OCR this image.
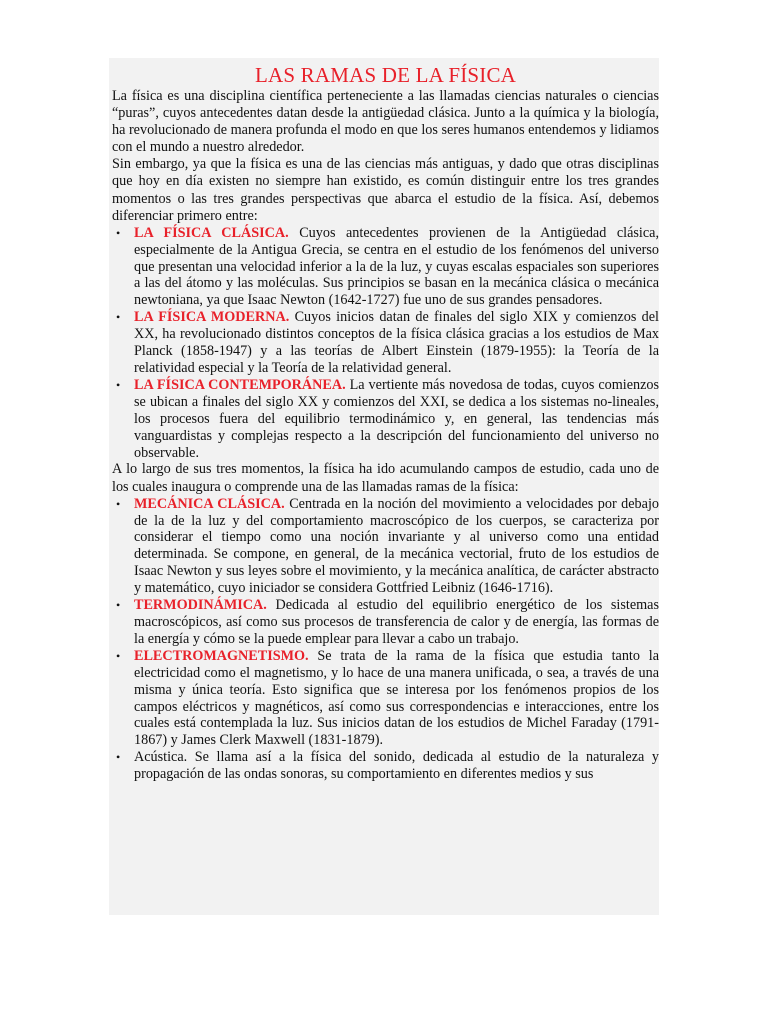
LAS RAMAS DE LA FÍSICA

La física es una disciplina científica perteneciente a las llamadas ciencias naturales o ciencias “puras”, cuyos antecedentes datan desde la antigüedad clásica. Junto a la química y la biología, ha revolucionado de manera profunda el modo en que los seres humanos entendemos y lidiamos con el mundo a nuestro alrededor.

Sin embargo, ya que la física es una de las ciencias más antiguas, y dado que otras disciplinas que hoy en día existen no siempre han existido, es común distinguir entre los tres grandes momentos o las tres grandes perspectivas que abarca el estudio de la física. Así, debemos diferenciar primero entre:

• LA FÍSICA CLÁSICA. Cuyos antecedentes provienen de la Antigüedad clásica, especialmente de la Antigua Grecia, se centra en el estudio de los fenómenos del universo que presentan una velocidad inferior a la de la luz, y cuyas escalas espaciales son superiores a las del átomo y las moléculas. Sus principios se basan en la mecánica clásica o mecánica newtoniana, ya que Isaac Newton (1642-1727) fue uno de sus grandes pensadores.
• LA FÍSICA MODERNA. Cuyos inicios datan de finales del siglo XIX y comienzos del XX, ha revolucionado distintos conceptos de la física clásica gracias a los estudios de Max Planck (1858-1947) y a las teorías de Albert Einstein (1879-1955): la Teoría de la relatividad especial y la Teoría de la relatividad general.
• LA FÍSICA CONTEMPORÁNEA. La vertiente más novedosa de todas, cuyos comienzos se ubican a finales del siglo XX y comienzos del XXI, se dedica a los sistemas no-lineales, los procesos fuera del equilibrio termodinámico y, en general, las tendencias más vanguardistas y complejas respecto a la descripción del funcionamiento del universo no observable.

A lo largo de sus tres momentos, la física ha ido acumulando campos de estudio, cada uno de los cuales inaugura o comprende una de las llamadas ramas de la física:

• MECÁNICA CLÁSICA. Centrada en la noción del movimiento a velocidades por debajo de la de la luz y del comportamiento macroscópico de los cuerpos, se caracteriza por considerar el tiempo como una noción invariante y al universo como una entidad determinada. Se compone, en general, de la mecánica vectorial, fruto de los estudios de Isaac Newton y sus leyes sobre el movimiento, y la mecánica analítica, de carácter abstracto y matemático, cuyo iniciador se considera Gottfried Leibniz (1646-1716).
• TERMODINÁMICA. Dedicada al estudio del equilibrio energético de los sistemas macroscópicos, así como sus procesos de transferencia de calor y de energía, las formas de la energía y cómo se la puede emplear para llevar a cabo un trabajo.
• ELECTROMAGNETISMO. Se trata de la rama de la física que estudia tanto la electricidad como el magnetismo, y lo hace de una manera unificada, o sea, a través de una misma y única teoría. Esto significa que se interesa por los fenómenos propios de los campos eléctricos y magnéticos, así como sus correspondencias e interacciones, entre los cuales está contemplada la luz. Sus inicios datan de los estudios de Michel Faraday (1791-1867) y James Clerk Maxwell (1831-1879).
• Acústica. Se llama así a la física del sonido, dedicada al estudio de la naturaleza y propagación de las ondas sonoras, su comportamiento en diferentes medios y sus
